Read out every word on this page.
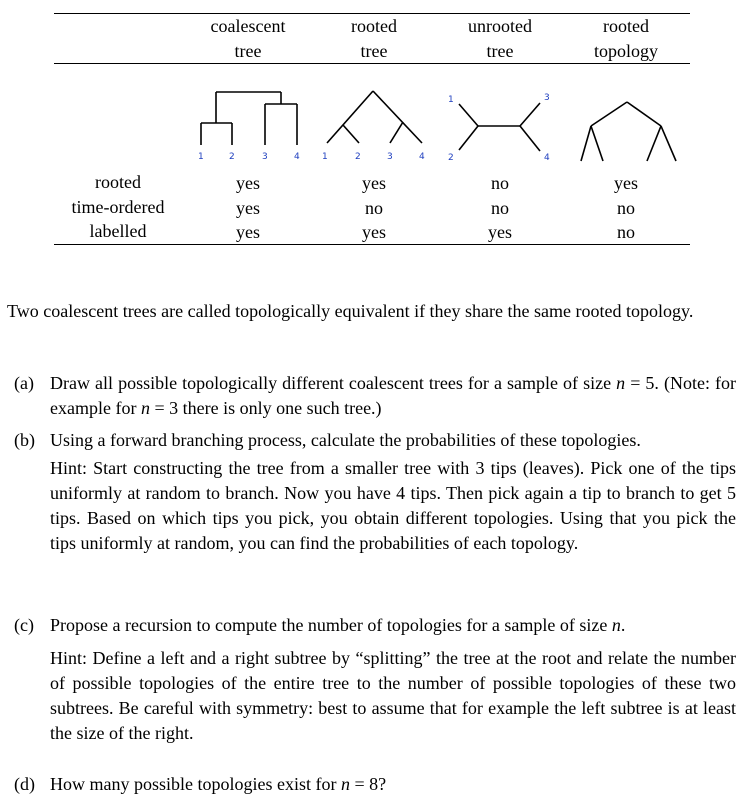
coalescent
tree
rooted
tree
unrooted
tree
rooted
topology
1	2	3	4 1	2	3	4
1
2
3
4
rooted	yes	yes	no	yes
time-ordered	yes	no	no	no
labelled	yes	yes	yes	no
Two coalescent trees are called topologically equivalent if they share the same rooted topology.
(a) Draw all possible topologically different coalescent trees for a sample of size n = 5. (Note: for example for n = 3 there is only one such tree.)
(b) Using a forward branching process, calculate the probabilities of these topologies.
Hint: Start constructing the tree from a smaller tree with 3 tips (leaves). Pick one of the tips uniformly at random to branch. Now you have 4 tips. Then pick again a tip to branch to get 5 tips. Based on which tips you pick, you obtain different topologies. Using that you pick the tips uniformly at random, you can find the probabilities of each topology.
(c) Propose a recursion to compute the number of topologies for a sample of size n.
Hint: Define a left and a right subtree by “splitting” the tree at the root and relate the number of possible topologies of the entire tree to the number of possible topologies of these two subtrees. Be careful with symmetry: best to assume that for example the left subtree is at least the size of the right.
(d) How many possible topologies exist for n = 8?
